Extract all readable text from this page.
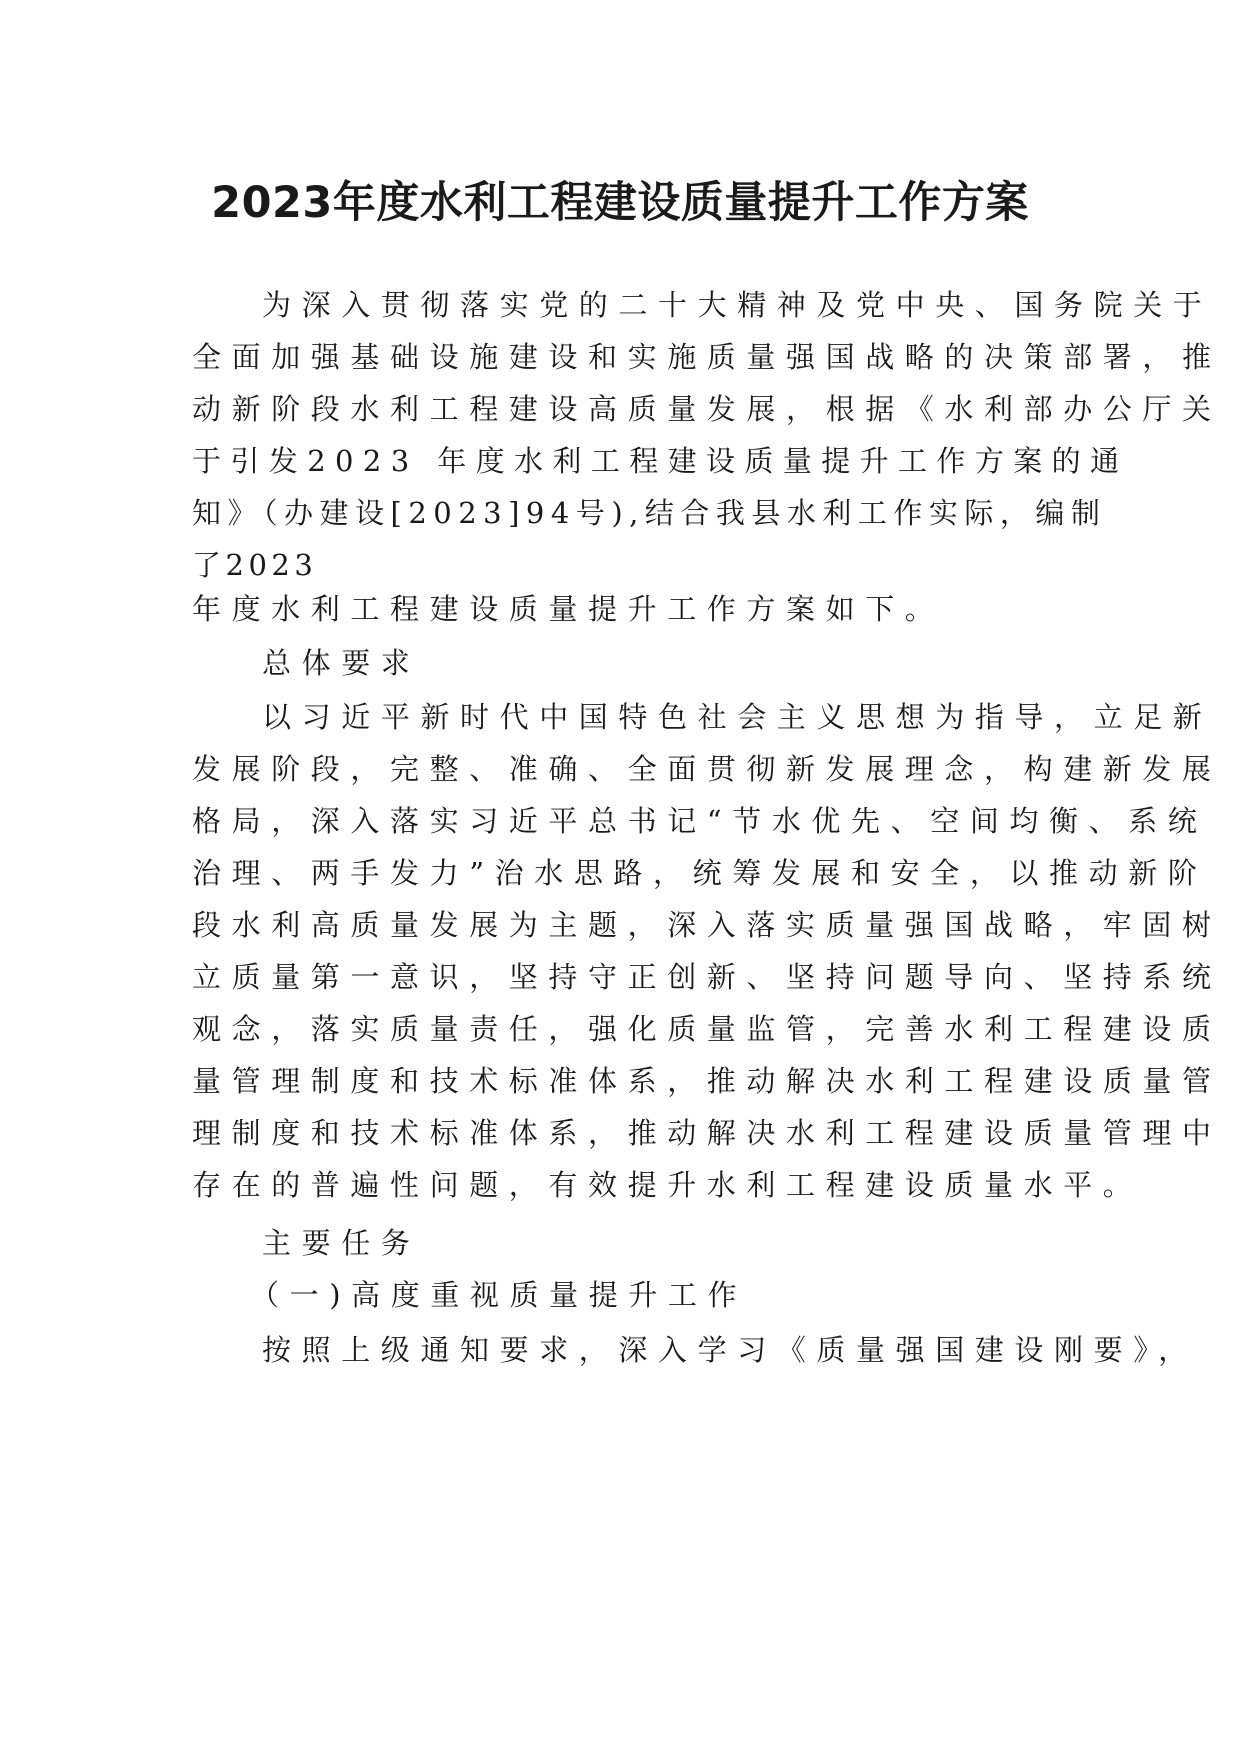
2023年度水利工程建设质量提升工作方案

为深入贯彻落实党的二十大精神及党中央、国务院关于

全面加强基础设施建设和实施质量强国战略的决策部署，推

动新阶段水利工程建设高质量发展，根据《水利部办公厅关

于引发2023 年度水利工程建设质量提升工作方案的通

知》（办建设[2023]94号),结合我县水利工作实际，编制

了2023

年度水利工程建设质量提升工作方案如下。

总体要求

以习近平新时代中国特色社会主义思想为指导，立足新

发展阶段，完整、准确、全面贯彻新发展理念，构建新发展

格局，深入落实习近平总书记“节水优先、空间均衡、系统

治理、两手发力”治水思路，统筹发展和安全，以推动新阶

段水利高质量发展为主题，深入落实质量强国战略，牢固树

立质量第一意识，坚持守正创新、坚持问题导向、坚持系统

观念，落实质量责任，强化质量监管，完善水利工程建设质

量管理制度和技术标准体系，推动解决水利工程建设质量管

理制度和技术标准体系，推动解决水利工程建设质量管理中

存在的普遍性问题，有效提升水利工程建设质量水平。

主要任务

（一)高度重视质量提升工作

按照上级通知要求，深入学习《质量强国建设刚要》，
